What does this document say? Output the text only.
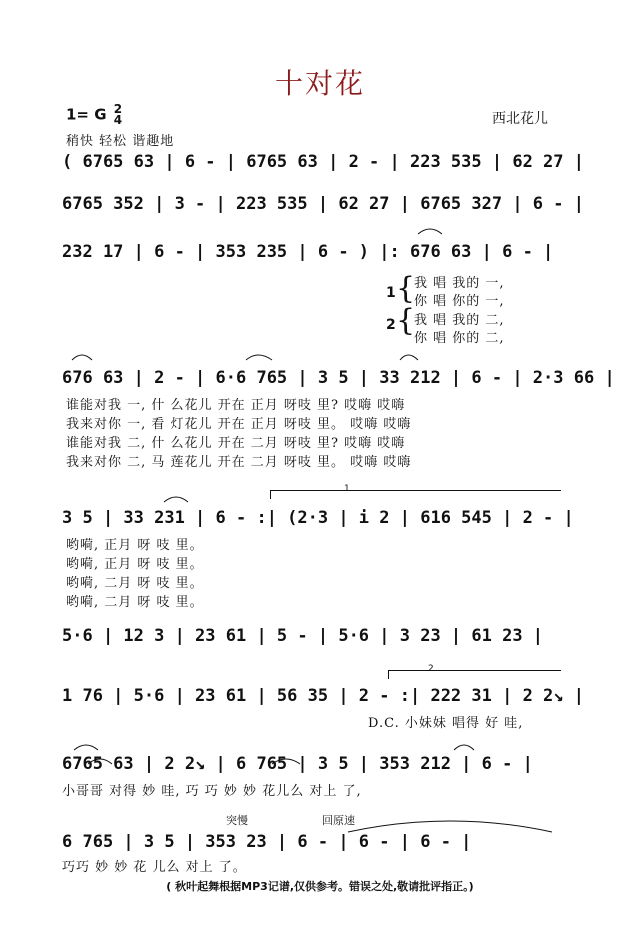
十对花
1= G 2
4	西北花儿
稍快 轻松 谐趣地
( 6765 63 | 6 - | 6765 63 | 2 - | 223 535 | 62 27 |
6765 352 | 3 - | 223 535 | 62 27 | 6765 327 | 6 - |
232 17 | 6 - | 353 235 | 6 - ) |: 676 63 | 6 - |
1 {
我 唱 我的 一,
你 唱 你的 一,
2 {
我 唱 我的 二,
你 唱 你的 二,
676 63 | 2 - | 6·6 765 | 3 5 | 33 212 | 6 - | 2·3 66 |
谁能对我 一, 什 么花儿 开在 正月 呀吱 里? 哎嗨 哎嗨
我来对你 一, 看 灯花儿 开在 正月 呀吱 里。 哎嗨 哎嗨
谁能对我 二, 什 么花儿 开在 二月 呀吱 里? 哎嗨 哎嗨
我来对你 二, 马 莲花儿 开在 二月 呀吱 里。 哎嗨 哎嗨
1
3 5 | 33 231 | 6 - :| (2·3 | i 2 | 616 545 | 2 - |
哟嗬, 正月 呀 吱 里。
哟嗬, 正月 呀 吱 里。
哟嗬, 二月 呀 吱 里。
哟嗬, 二月 呀 吱 里。
5·6 | 12 3 | 23 61 | 5 - | 5·6 | 3 23 | 61 23 |
2
1 76 | 5·6 | 23 61 | 56 35 | 2 - :| 222 31 | 2 2↘ |
D.C. 小妹妹 唱得 好 哇,
6765 63 | 2 2↘ | 6 765 | 3 5 | 353 212 | 6 - |
小哥哥 对得 妙 哇, 巧 巧 妙 妙 花儿么 对上 了,
突慢	回原速
6 765 | 3 5 | 353 23 | 6 - | 6 - | 6 - |
巧巧 妙 妙 花 儿么 对上 了。
( 秋叶起舞根据MP3记谱,仅供参考。错误之处,敬请批评指正。)
